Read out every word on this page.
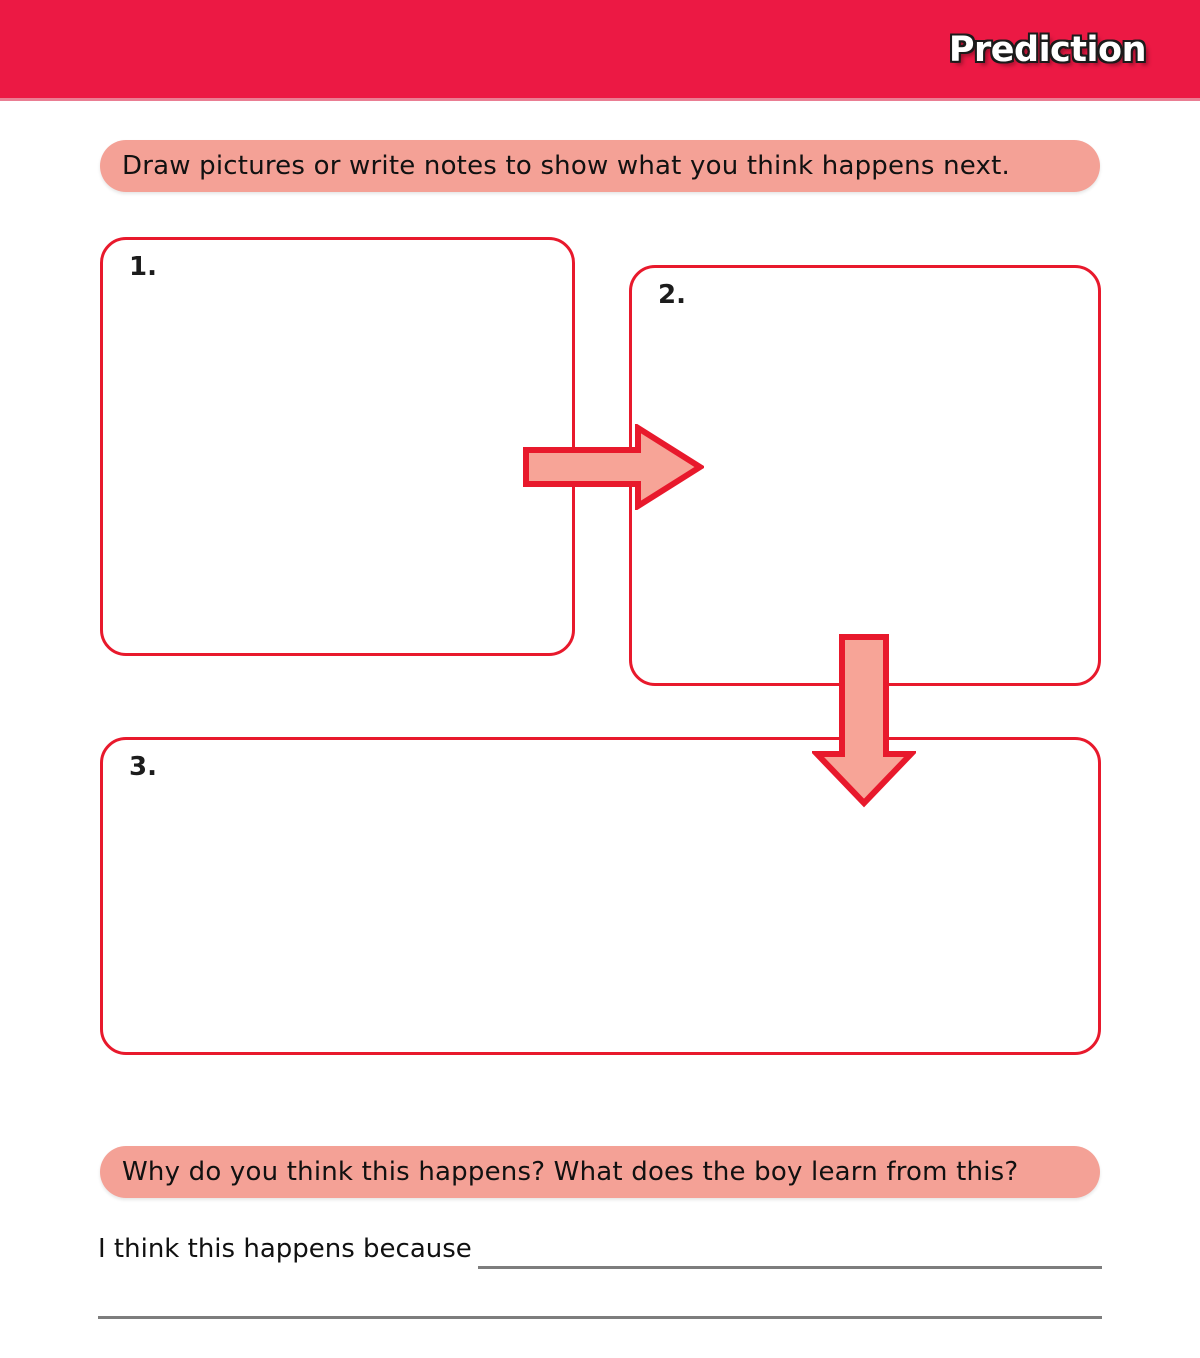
Prediction
Draw pictures or write notes to show what you think happens next.
1.
2.
3.
Why do you think this happens? What does the boy learn from this?
I think this happens because
